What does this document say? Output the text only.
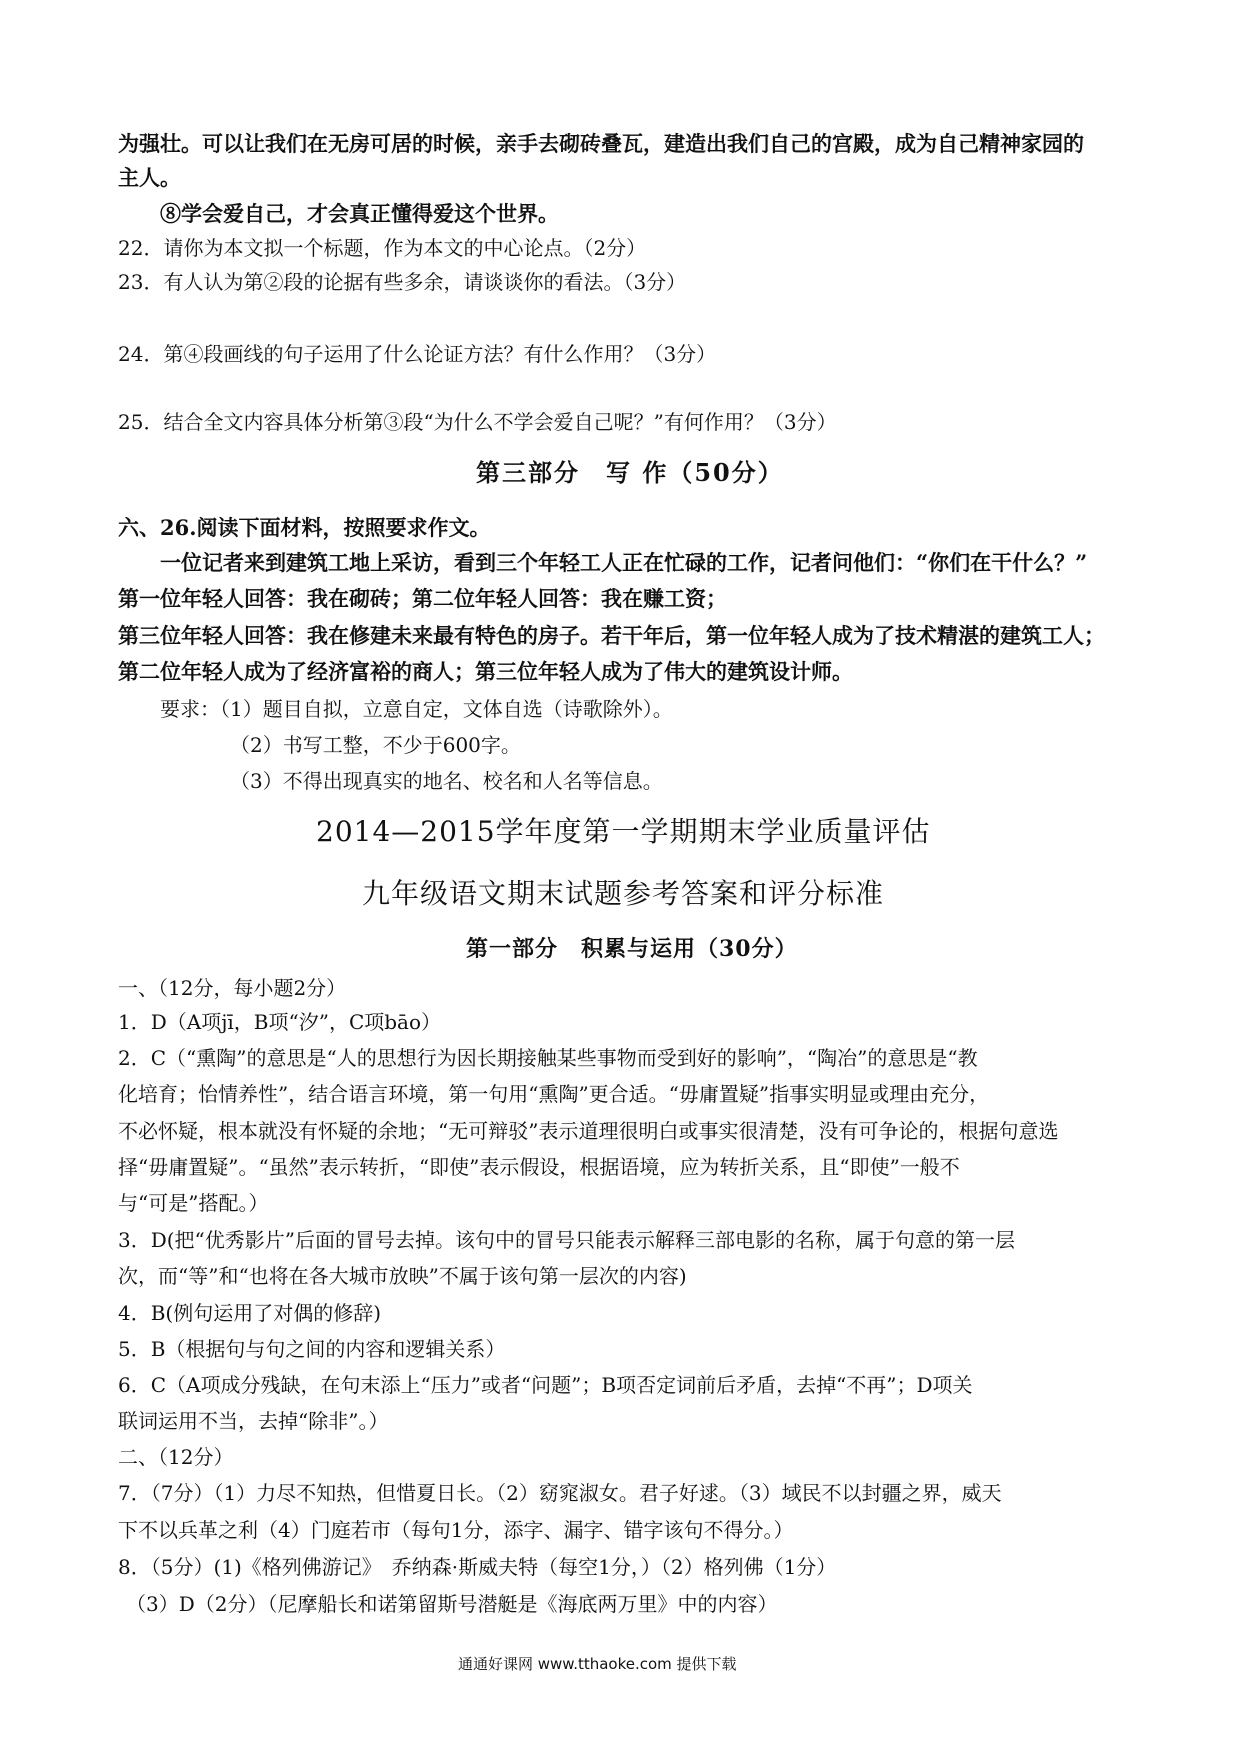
为强壮。可以让我们在无房可居的时候，亲手去砌砖叠瓦，建造出我们自己的宫殿，成为自己精神家园的
主人。
⑧学会爱自己，才会真正懂得爱这个世界。
22．请你为本文拟一个标题，作为本文的中心论点。（2分）
23．有人认为第②段的论据有些多余，请谈谈你的看法。（3分）
24．第④段画线的句子运用了什么论证方法？有什么作用？（3分）
25．结合全文内容具体分析第③段“为什么不学会爱自己呢？”有何作用？（3分）
第三部分　写 作（50分）
六、26.阅读下面材料，按照要求作文。
一位记者来到建筑工地上采访，看到三个年轻工人正在忙碌的工作，记者问他们：“你们在干什么？”
第一位年轻人回答：我在砌砖；第二位年轻人回答：我在赚工资；
第三位年轻人回答：我在修建未来最有特色的房子。若干年后，第一位年轻人成为了技术精湛的建筑工人；
第二位年轻人成为了经济富裕的商人；第三位年轻人成为了伟大的建筑设计师。
要求：（1）题目自拟，立意自定，文体自选（诗歌除外）。
（2）书写工整，不少于600字。
（3）不得出现真实的地名、校名和人名等信息。
2014—2015学年度第一学期期末学业质量评估
九年级语文期末试题参考答案和评分标准
第一部分　积累与运用（30分）
一、（12分，每小题2分）
1．D（A项jī，B项“汐”，C项bāo）
2．C（“熏陶”的意思是“人的思想行为因长期接触某些事物而受到好的影响”，“陶冶”的意思是“教
化培育；怡情养性”，结合语言环境，第一句用“熏陶”更合适。“毋庸置疑”指事实明显或理由充分，
不必怀疑，根本就没有怀疑的余地；“无可辩驳”表示道理很明白或事实很清楚，没有可争论的，根据句意选
择“毋庸置疑”。“虽然”表示转折，“即使”表示假设，根据语境，应为转折关系，且“即使”一般不
与“可是”搭配。）
3．D(把“优秀影片”后面的冒号去掉。该句中的冒号只能表示解释三部电影的名称，属于句意的第一层
次，而“等”和“也将在各大城市放映”不属于该句第一层次的内容)
4．B(例句运用了对偶的修辞)
5．B（根据句与句之间的内容和逻辑关系）
6．C（A项成分残缺，在句末添上“压力”或者“问题”；B项否定词前后矛盾，去掉“不再”；D项关
联词运用不当，去掉“除非”。）
二、（12分）
7．（7分）（1）力尽不知热，但惜夏日长。（2）窈窕淑女。君子好逑。（3）域民不以封疆之界，威天
下不以兵革之利（4）门庭若市（每句1分，添字、漏字、错字该句不得分。）
8．（5分）(1)《格列佛游记》　乔纳森·斯威夫特（每空1分，）（2）格列佛（1分）
（3）D（2分）（尼摩船长和诺第留斯号潜艇是《海底两万里》中的内容）
通通好课网 www.tthaoke.com 提供下载
